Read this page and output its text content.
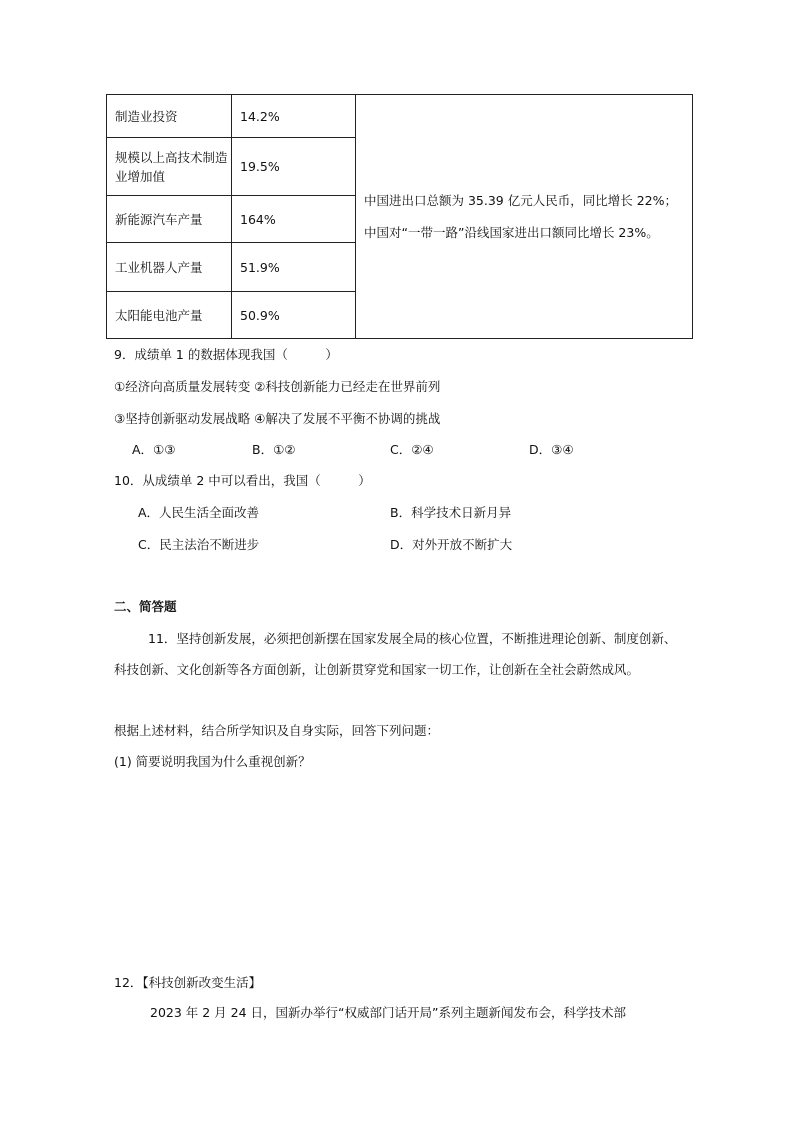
制造业投资	14.2%	中国进出口总额为 35.39 亿元人民币，同比增长 22%；中国对“一带一路”沿线国家进出口额同比增长 23%。
规模以上高技术制造业增加值	19.5%	
新能源汽车产量	164%	
工业机器人产量	51.9%	
太阳能电池产量	50.9%	
9．成绩单 1 的数据体现我国（　　　）
①经济向高质量发展转变 ②科技创新能力已经走在世界前列
③坚持创新驱动发展战略 ④解决了发展不平衡不协调的挑战
A．①③	B．①②	C．②④	D．③④
10．从成绩单 2 中可以看出，我国（　　　）
A．人民生活全面改善	B．科学技术日新月异
C．民主法治不断进步	D．对外开放不断扩大
二、简答题
11．坚持创新发展，必须把创新摆在国家发展全局的核心位置，不断推进理论创新、制度创新、科技创新、文化创新等各方面创新，让创新贯穿党和国家一切工作，让创新在全社会蔚然成风。
根据上述材料，结合所学知识及自身实际，回答下列问题：
(1) 简要说明我国为什么重视创新？
12．【科技创新改变生活】
2023 年 2 月 24 日，国新办举行“权威部门话开局”系列主题新闻发布会，科学技术部
